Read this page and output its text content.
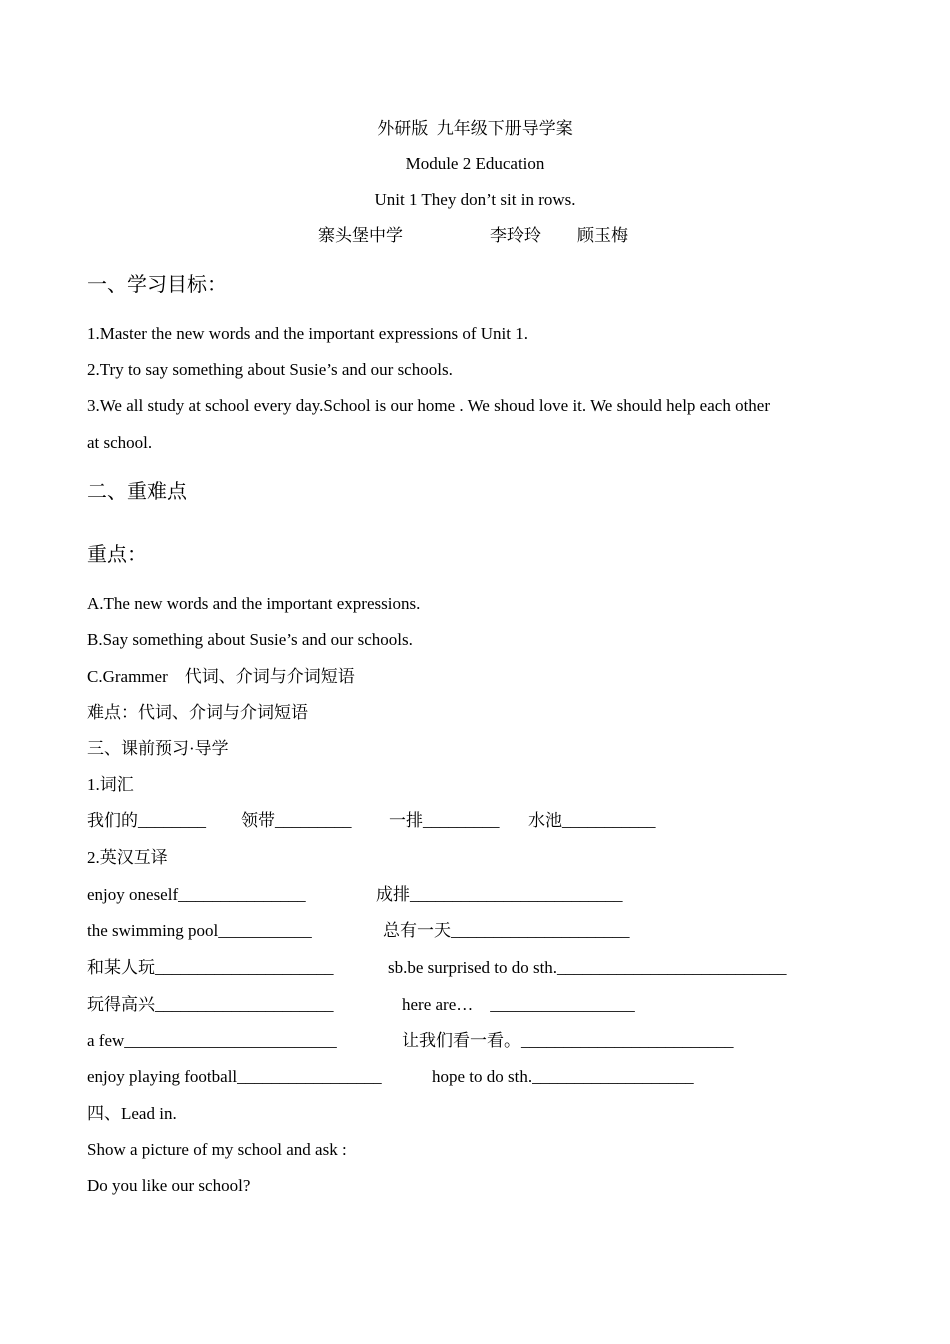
外研版  九年级下册导学案
Module 2 Education
Unit 1 They don’t sit in rows.
寨头堡中学	李玲玲 顾玉梅
一、学习目标：
1.Master the new words and the important expressions of Unit 1.
2.Try to say something about Susie’s and our schools.
3.We all study at school every day.School is our home . We shoud love it. We should help each other
at school.
二、重难点
重点：
A.The new words and the important expressions.
B.Say something about Susie’s and our schools.
C.Grammer    代词、介词与介词短语
难点：代词、介词与介词短语
三、课前预习·导学
1.词汇
我们的________ 领带_________ 一排_________ 水池___________
2.英汉互译
enjoy oneself_______________	成排_________________________
the swimming pool___________	总有一天_____________________
和某人玩_____________________	sb.be surprised to do sth.___________________________
玩得高兴_____________________	here are…    _________________
a few_________________________	让我们看一看。_________________________
enjoy playing football_________________	hope to do sth.___________________
四、Lead in.
Show a picture of my school and ask :
Do you like our school?
